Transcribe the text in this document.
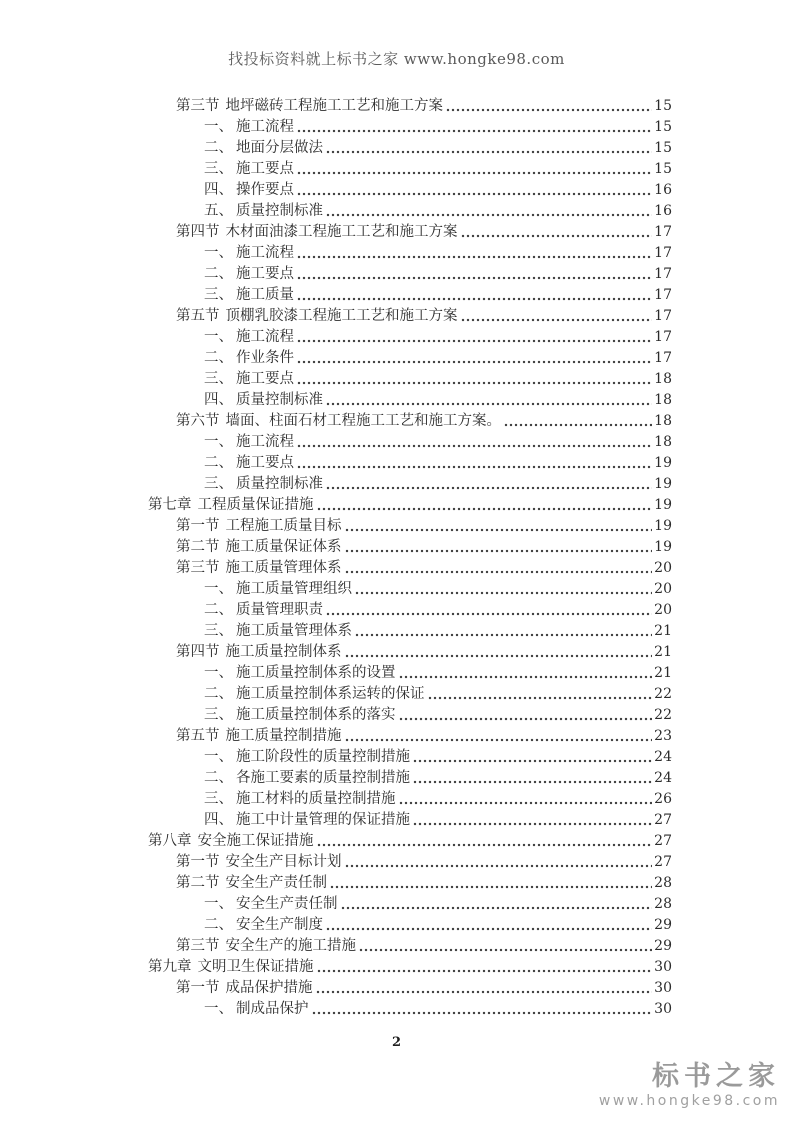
找投标资料就上标书之家 www.hongke98.com
第三节 地坪磁砖工程施工工艺和施工方案	15
一、 施工流程	15
二、 地面分层做法	15
三、 施工要点	15
四、 操作要点	16
五、 质量控制标准	16
第四节 木材面油漆工程施工工艺和施工方案	17
一、 施工流程	17
二、 施工要点	17
三、 施工质量	17
第五节 顶棚乳胶漆工程施工工艺和施工方案	17
一、 施工流程	17
二、 作业条件	17
三、 施工要点	18
四、 质量控制标准	18
第六节 墙面、柱面石材工程施工工艺和施工方案。	18
一、 施工流程	18
二、 施工要点	19
三、 质量控制标准	19
第七章 工程质量保证措施	19
第一节 工程施工质量目标	19
第二节 施工质量保证体系	19
第三节 施工质量管理体系	20
一、 施工质量管理组织	20
二、 质量管理职责	20
三、 施工质量管理体系	21
第四节 施工质量控制体系	21
一、 施工质量控制体系的设置	21
二、 施工质量控制体系运转的保证	22
三、 施工质量控制体系的落实	22
第五节 施工质量控制措施	23
一、 施工阶段性的质量控制措施	24
二、 各施工要素的质量控制措施	24
三、 施工材料的质量控制措施	26
四、 施工中计量管理的保证措施	27
第八章 安全施工保证措施	27
第一节 安全生产目标计划	27
第二节 安全生产责任制	28
一、 安全生产责任制	28
二、 安全生产制度	29
第三节 安全生产的施工措施	29
第九章 文明卫生保证措施	30
第一节 成品保护措施	30
一、 制成品保护	30
2
标书之家
www.hongke98.com
